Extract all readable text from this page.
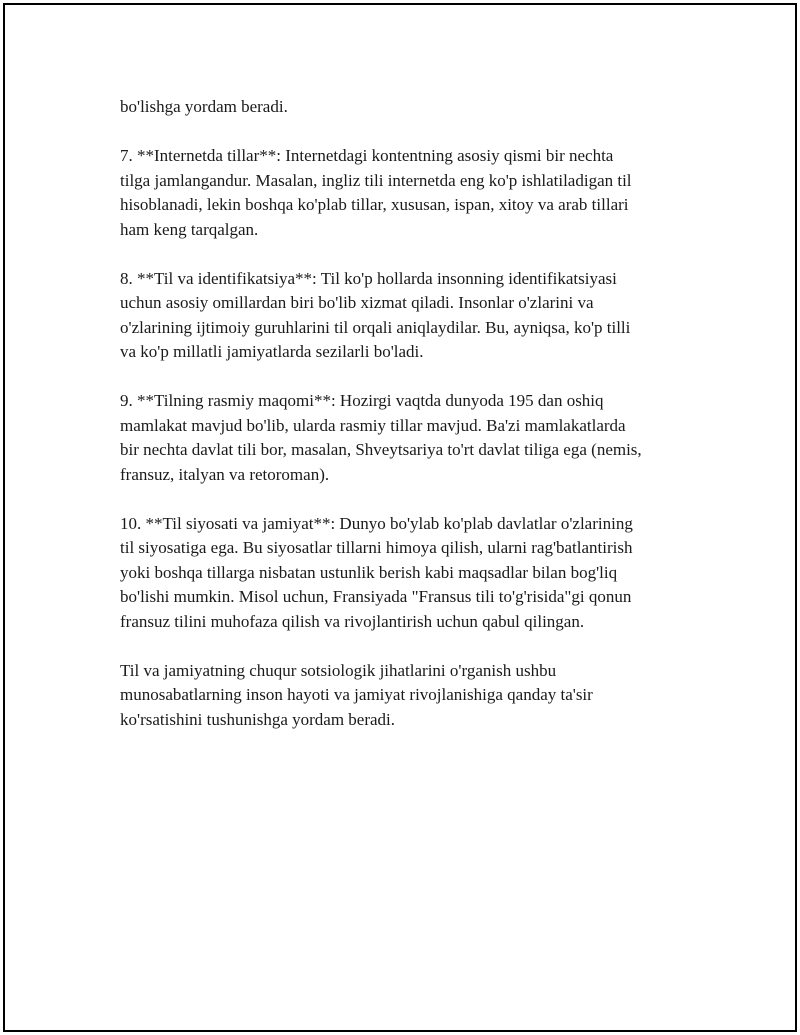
bo'lishga yordam beradi.

7. **Internetda tillar**: Internetdagi kontentning asosiy qismi bir nechta
tilga jamlangandur. Masalan, ingliz tili internetda eng ko'p ishlatiladigan til
hisoblanadi, lekin boshqa ko'plab tillar, xususan, ispan, xitoy va arab tillari
ham keng tarqalgan.

8. **Til va identifikatsiya**: Til ko'p hollarda insonning identifikatsiyasi
uchun asosiy omillardan biri bo'lib xizmat qiladi. Insonlar o'zlarini va
o'zlarining ijtimoiy guruhlarini til orqali aniqlaydilar. Bu, ayniqsa, ko'p tilli
va ko'p millatli jamiyatlarda sezilarli bo'ladi.

9. **Tilning rasmiy maqomi**: Hozirgi vaqtda dunyoda 195 dan oshiq
mamlakat mavjud bo'lib, ularda rasmiy tillar mavjud. Ba'zi mamlakatlarda
bir nechta davlat tili bor, masalan, Shveytsariya to'rt davlat tiliga ega (nemis,
fransuz, italyan va retoroman).

10. **Til siyosati va jamiyat**: Dunyo bo'ylab ko'plab davlatlar o'zlarining
til siyosatiga ega. Bu siyosatlar tillarni himoya qilish, ularni rag'batlantirish
yoki boshqa tillarga nisbatan ustunlik berish kabi maqsadlar bilan bog'liq
bo'lishi mumkin. Misol uchun, Fransiyada "Fransus tili to'g'risida"gi qonun
fransuz tilini muhofaza qilish va rivojlantirish uchun qabul qilingan.

Til va jamiyatning chuqur sotsiologik jihatlarini o'rganish ushbu
munosabatlarning inson hayoti va jamiyat rivojlanishiga qanday ta'sir
ko'rsatishini tushunishga yordam beradi.
